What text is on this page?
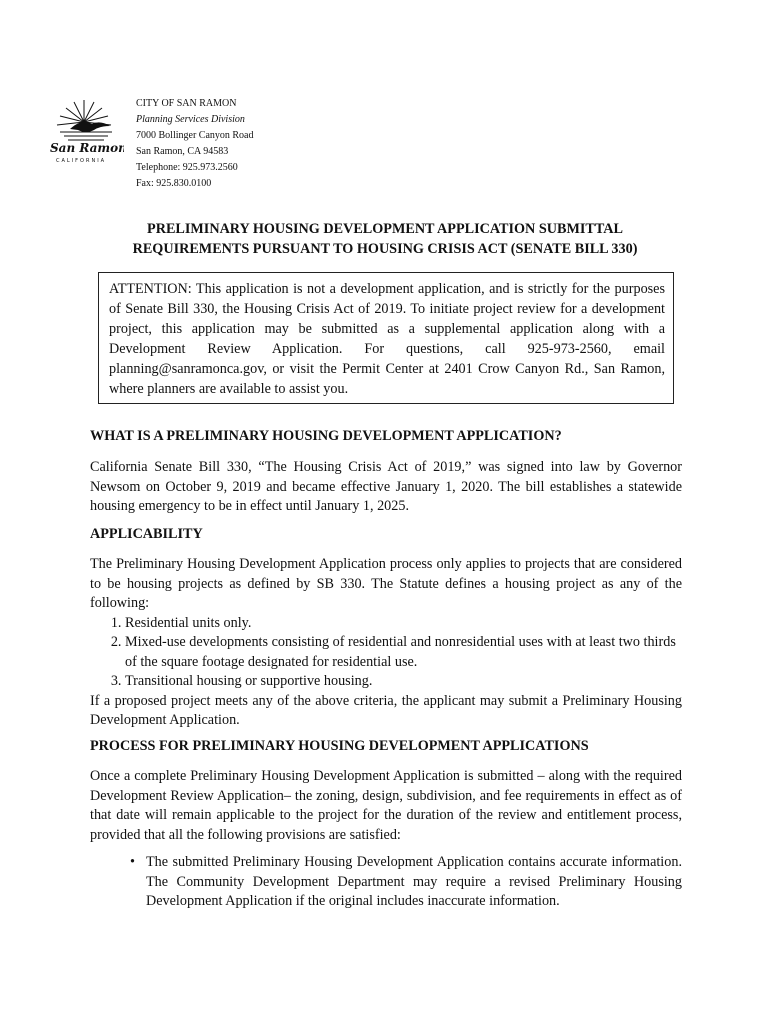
San Ramon
CALIFORNIA
CITY OF SAN RAMON
Planning Services Division
7000 Bollinger Canyon Road
San Ramon, CA 94583
Telephone: 925.973.2560
Fax: 925.830.0100
PRELIMINARY HOUSING DEVELOPMENT APPLICATION SUBMITTAL
REQUIREMENTS PURSUANT TO HOUSING CRISIS ACT (SENATE BILL 330)
ATTENTION: This application is not a development application, and is strictly for the purposes of Senate Bill 330, the Housing Crisis Act of 2019. To initiate project review for a development project, this application may be submitted as a supplemental application along with a Development Review Application. For questions, call 925-973-2560, email planning@sanramonca.gov, or visit the Permit Center at 2401 Crow Canyon Rd., San Ramon, where planners are available to assist you.
WHAT IS A PRELIMINARY HOUSING DEVELOPMENT APPLICATION?
California Senate Bill 330, “The Housing Crisis Act of 2019,” was signed into law by Governor Newsom on October 9, 2019 and became effective January 1, 2020. The bill establishes a statewide housing emergency to be in effect until January 1, 2025.
APPLICABILITY
The Preliminary Housing Development Application process only applies to projects that are considered to be housing projects as defined by SB 330. The Statute defines a housing project as any of the following:
1. Residential units only.
2. Mixed-use developments consisting of residential and nonresidential uses with at least two thirds of the square footage designated for residential use.
3. Transitional housing or supportive housing.
If a proposed project meets any of the above criteria, the applicant may submit a Preliminary Housing Development Application.
PROCESS FOR PRELIMINARY HOUSING DEVELOPMENT APPLICATIONS
Once a complete Preliminary Housing Development Application is submitted – along with the required Development Review Application– the zoning, design, subdivision, and fee requirements in effect as of that date will remain applicable to the project for the duration of the review and entitlement process, provided that all the following provisions are satisfied:
• The submitted Preliminary Housing Development Application contains accurate information. The Community Development Department may require a revised Preliminary Housing Development Application if the original includes inaccurate information.
